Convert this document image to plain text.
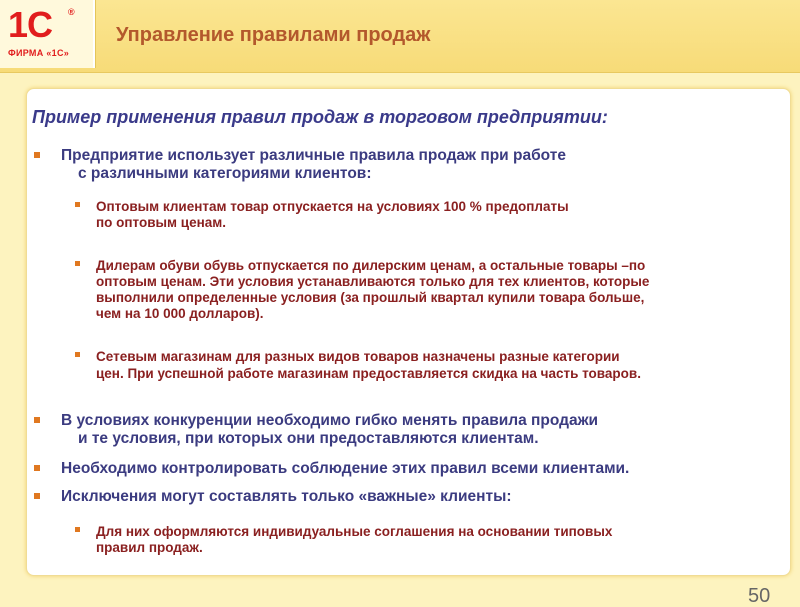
1С ®
ФИРМА «1С»
Управление правилами продаж
Пример применения правил продаж в торговом предприятии:
Предприятие использует различные правила продаж при работе
с различными категориями клиентов:
Оптовым клиентам товар отпускается на условиях 100 % предоплаты
по оптовым ценам.
Дилерам обуви обувь отпускается по дилерским ценам, а остальные товары –по
оптовым ценам. Эти условия устанавливаются только для тех клиентов, которые
выполнили определенные условия (за прошлый квартал купили товара больше,
чем на 10 000 долларов).
Сетевым магазинам для разных видов товаров назначены разные категории
цен. При успешной работе магазинам предоставляется скидка на часть товаров.
В условиях конкуренции необходимо гибко менять правила продажи
и те условия, при которых они предоставляются клиентам.
Необходимо контролировать соблюдение этих правил всеми клиентами.
Исключения могут составлять только «важные» клиенты:
Для них оформляются индивидуальные соглашения на основании типовых
правил продаж.
50
